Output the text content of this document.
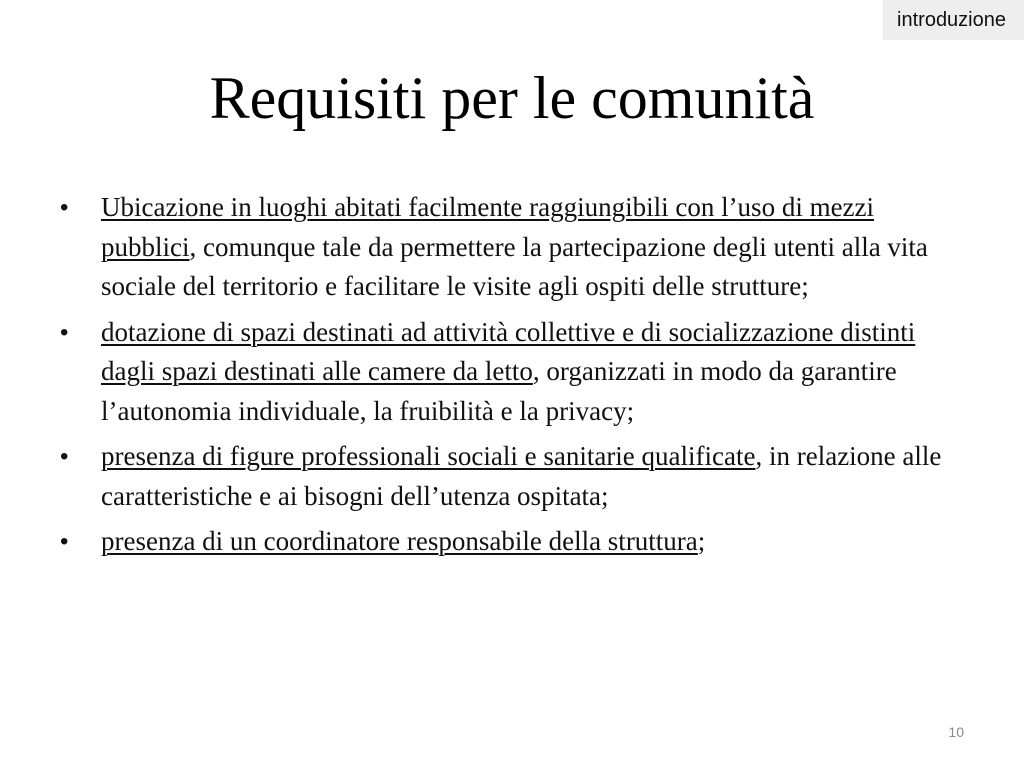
introduzione
Requisiti per le comunità
• Ubicazione in luoghi abitati facilmente raggiungibili con l’uso di mezzi pubblici, comunque tale da permettere la partecipazione degli utenti alla vita sociale del territorio e facilitare le visite agli ospiti delle strutture;
• dotazione di spazi destinati ad attività collettive e di socializzazione distinti dagli spazi destinati alle camere da letto, organizzati in modo da garantire l’autonomia individuale, la fruibilità e la privacy;
• presenza di figure professionali sociali e sanitarie qualificate, in relazione alle caratteristiche e ai bisogni dell’utenza ospitata;
• presenza di un coordinatore responsabile della struttura;
10
